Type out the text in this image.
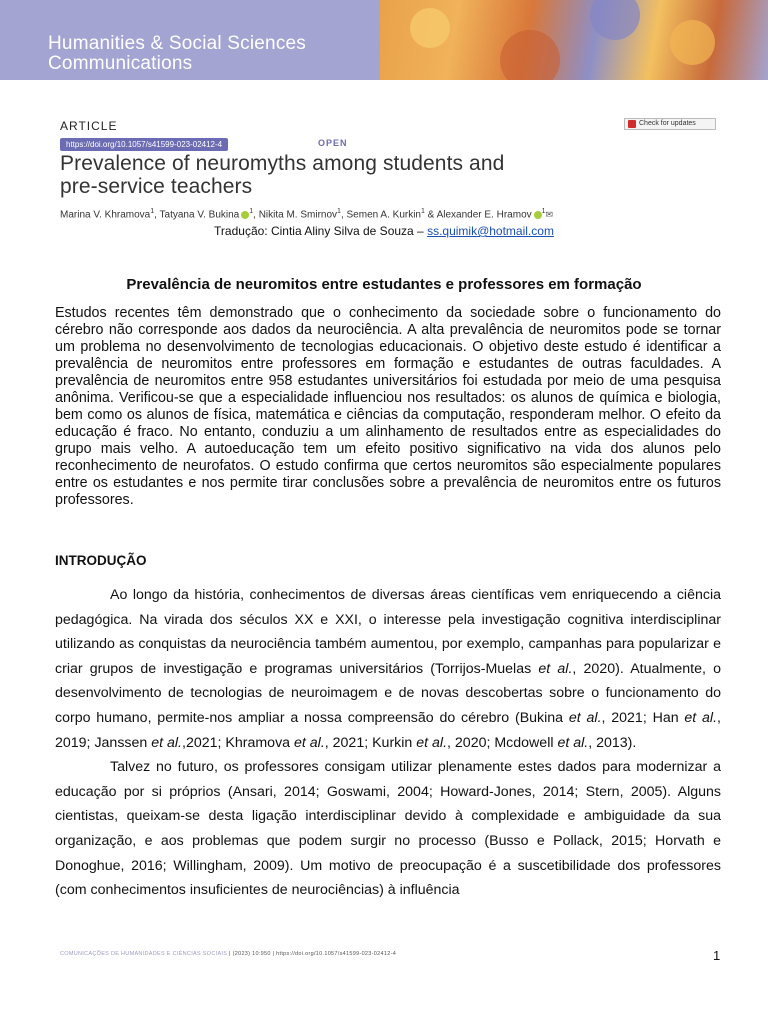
Humanities & Social Sciences
Communications
ARTICLE
https://doi.org/10.1057/s41599-023-02412-4	OPEN
Check for updates
Prevalence of neuromyths among students and
pre-service teachers
Marina V. Khramova$^1$, Tatyana V. Bukina $^1$, Nikita M. Smirnov$^1$, Semen A. Kurkin$^1$ & Alexander E. Hramov $^1$✉
Tradução: Cintia Aliny Silva de Souza – ss.quimik@hotmail.com
Prevalência de neuromitos entre estudantes e professores em formação
Estudos recentes têm demonstrado que o conhecimento da sociedade sobre o funcionamento do cérebro não corresponde aos dados da neurociência. A alta prevalência de neuromitos pode se tornar um problema no desenvolvimento de tecnologias educacionais. O objetivo deste estudo é identificar a prevalência de neuromitos entre professores em formação e estudantes de outras faculdades. A prevalência de neuromitos entre 958 estudantes universitários foi estudada por meio de uma pesquisa anônima. Verificou-se que a especialidade influenciou nos resultados: os alunos de química e biologia, bem como os alunos de física, matemática e ciências da computação, responderam melhor. O efeito da educação é fraco. No entanto, conduziu a um alinhamento de resultados entre as especialidades do grupo mais velho. A autoeducação tem um efeito positivo significativo na vida dos alunos pelo reconhecimento de neurofatos. O estudo confirma que certos neuromitos são especialmente populares entre os estudantes e nos permite tirar conclusões sobre a prevalência de neuromitos entre os futuros professores.
INTRODUÇÃO

Ao longo da história, conhecimentos de diversas áreas científicas vem enriquecendo a ciência pedagógica. Na virada dos séculos XX e XXI, o interesse pela investigação cognitiva interdisciplinar utilizando as conquistas da neurociência também aumentou, por exemplo, campanhas para popularizar e criar grupos de investigação e programas universitários (Torrijos-Muelas et al., 2020). Atualmente, o desenvolvimento de tecnologias de neuroimagem e de novas descobertas sobre o funcionamento do corpo humano, permite-nos ampliar a nossa compreensão do cérebro (Bukina et al., 2021; Han et al., 2019; Janssen et al.,2021; Khramova et al., 2021; Kurkin et al., 2020; Mcdowell et al., 2013).

Talvez no futuro, os professores consigam utilizar plenamente estes dados para modernizar a educação por si próprios (Ansari, 2014; Goswami, 2004; Howard-Jones, 2014; Stern, 2005). Alguns cientistas, queixam-se desta ligação interdisciplinar devido à complexidade e ambiguidade da sua organização, e aos problemas que podem surgir no processo (Busso e Pollack, 2015; Horvath e Donoghue, 2016; Willingham, 2009). Um motivo de preocupação é a suscetibilidade dos professores (com conhecimentos insuficientes de neurociências) à influência

COMUNICAÇÕES DE HUMANIDADES E CIÊNCIAS SOCIAIS | (2023) 10:950 | https://doi.org/10.1057/s41599-023-02412-4	1
